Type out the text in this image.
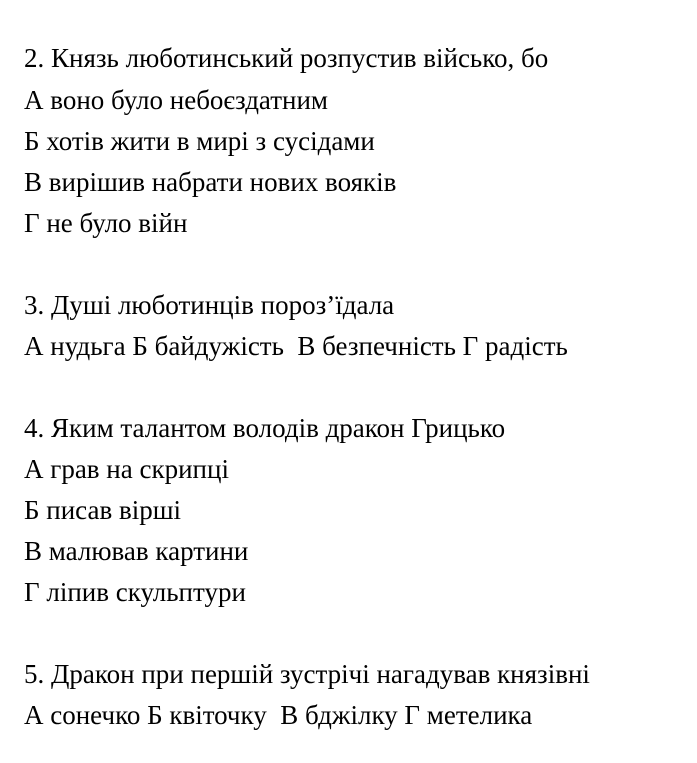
2. Князь люботинський розпустив військо, бо
А воно було небоєздатним
Б хотів жити в мирі з сусідами
В вирішив набрати нових вояків
Г не було війн
3. Душі люботинців пороз’їдала
А нудьга Б байдужість  В безпечність Г радість
4. Яким талантом володів дракон Грицько
А грав на скрипці
Б писав вірші
В малював картини
Г ліпив скульптури
5. Дракон при першій зустрічі нагадував князівні
А сонечко Б квіточку  В бджілку Г метелика
